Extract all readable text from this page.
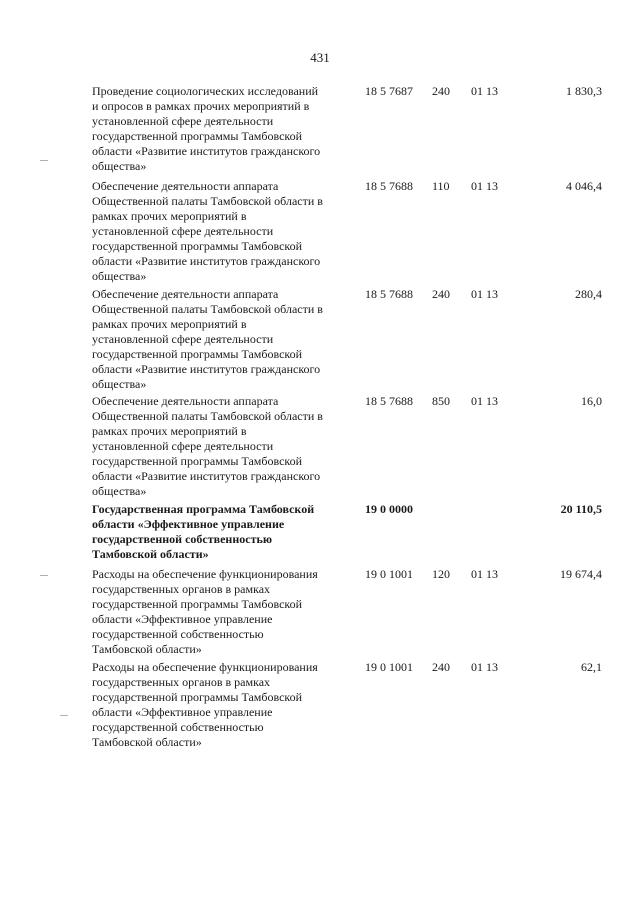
431
Проведение социологических исследований
и опросов в рамках прочих мероприятий в
установленной сфере деятельности
государственной программы Тамбовской
области «Развитие институтов гражданского
общества»
18 5 7687 240 01 13	1 830,3
Обеспечение деятельности аппарата
Общественной палаты Тамбовской области в
рамках прочих мероприятий в
установленной сфере деятельности
государственной программы Тамбовской
области «Развитие институтов гражданского
общества»
18 5 7688 110 01 13	4 046,4
Обеспечение деятельности аппарата
Общественной палаты Тамбовской области в
рамках прочих мероприятий в
установленной сфере деятельности
государственной программы Тамбовской
области «Развитие институтов гражданского
общества»
18 5 7688 240 01 13	280,4
Обеспечение деятельности аппарата
Общественной палаты Тамбовской области в
рамках прочих мероприятий в
установленной сфере деятельности
государственной программы Тамбовской
области «Развитие институтов гражданского
общества»
18 5 7688 850 01 13	16,0
Государственная программа Тамбовской
области «Эффективное управление
государственной собственностью
Тамбовской области»
19 0 0000	20 110,5
Расходы на обеспечение функционирования
государственных органов в рамках
государственной программы Тамбовской
области «Эффективное управление
государственной собственностью
Тамбовской области»
19 0 1001 120 01 13	19 674,4
Расходы на обеспечение функционирования
государственных органов в рамках
государственной программы Тамбовской
области «Эффективное управление
государственной собственностью
Тамбовской области»
19 0 1001 240 01 13	62,1
